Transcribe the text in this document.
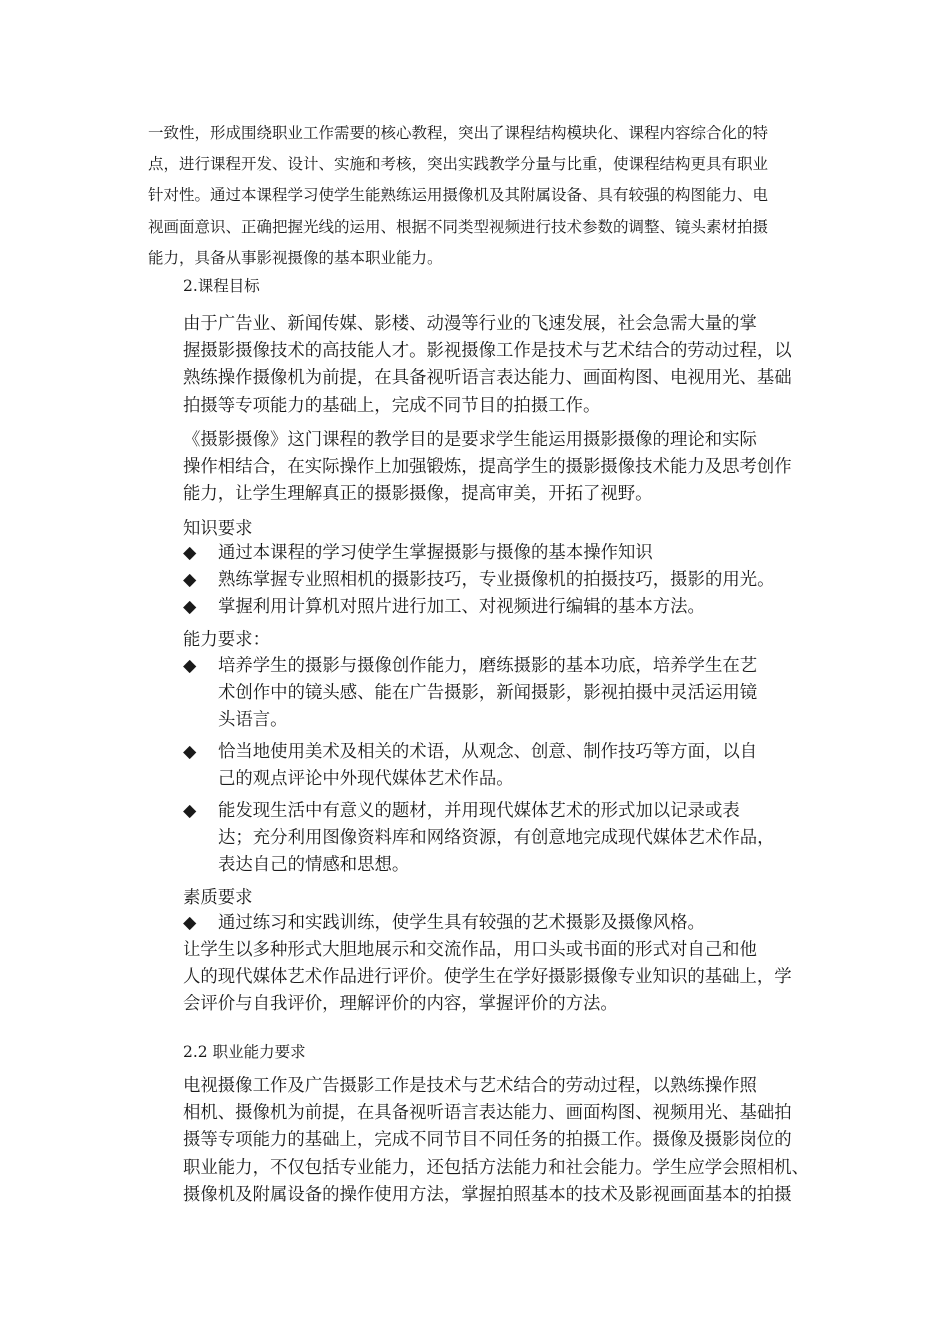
一致性，形成围绕职业工作需要的核心教程，突出了课程结构模块化、课程内容综合化的特
点，进行课程开发、设计、实施和考核，突出实践教学分量与比重，使课程结构更具有职业
针对性。通过本课程学习使学生能熟练运用摄像机及其附属设备、具有较强的构图能力、电
视画面意识、正确把握光线的运用、根据不同类型视频进行技术参数的调整、镜头素材拍摄
能力，具备从事影视摄像的基本职业能力。
2.课程目标
由于广告业、新闻传媒、影楼、动漫等行业的飞速发展，社会急需大量的掌
握摄影摄像技术的高技能人才。影视摄像工作是技术与艺术结合的劳动过程，以
熟练操作摄像机为前提，在具备视听语言表达能力、画面构图、电视用光、基础
拍摄等专项能力的基础上，完成不同节目的拍摄工作。
《摄影摄像》这门课程的教学目的是要求学生能运用摄影摄像的理论和实际
操作相结合，在实际操作上加强锻炼，提高学生的摄影摄像技术能力及思考创作
能力，让学生理解真正的摄影摄像，提高审美，开拓了视野。
知识要求
◆ 通过本课程的学习使学生掌握摄影与摄像的基本操作知识
◆ 熟练掌握专业照相机的摄影技巧，专业摄像机的拍摄技巧，摄影的用光。
◆ 掌握利用计算机对照片进行加工、对视频进行编辑的基本方法。
能力要求：
◆ 培养学生的摄影与摄像创作能力，磨练摄影的基本功底，培养学生在艺
术创作中的镜头感、能在广告摄影，新闻摄影，影视拍摄中灵活运用镜
头语言。
◆ 恰当地使用美术及相关的术语，从观念、创意、制作技巧等方面，以自
己的观点评论中外现代媒体艺术作品。
◆ 能发现生活中有意义的题材，并用现代媒体艺术的形式加以记录或表
达；充分利用图像资料库和网络资源，有创意地完成现代媒体艺术作品，
表达自己的情感和思想。
素质要求
◆ 通过练习和实践训练，使学生具有较强的艺术摄影及摄像风格。
让学生以多种形式大胆地展示和交流作品，用口头或书面的形式对自己和他
人的现代媒体艺术作品进行评价。使学生在学好摄影摄像专业知识的基础上，学
会评价与自我评价，理解评价的内容，掌握评价的方法。
2.2 职业能力要求
电视摄像工作及广告摄影工作是技术与艺术结合的劳动过程，以熟练操作照
相机、摄像机为前提，在具备视听语言表达能力、画面构图、视频用光、基础拍
摄等专项能力的基础上，完成不同节目不同任务的拍摄工作。摄像及摄影岗位的
职业能力，不仅包括专业能力，还包括方法能力和社会能力。学生应学会照相机、
摄像机及附属设备的操作使用方法，掌握拍照基本的技术及影视画面基本的拍摄
